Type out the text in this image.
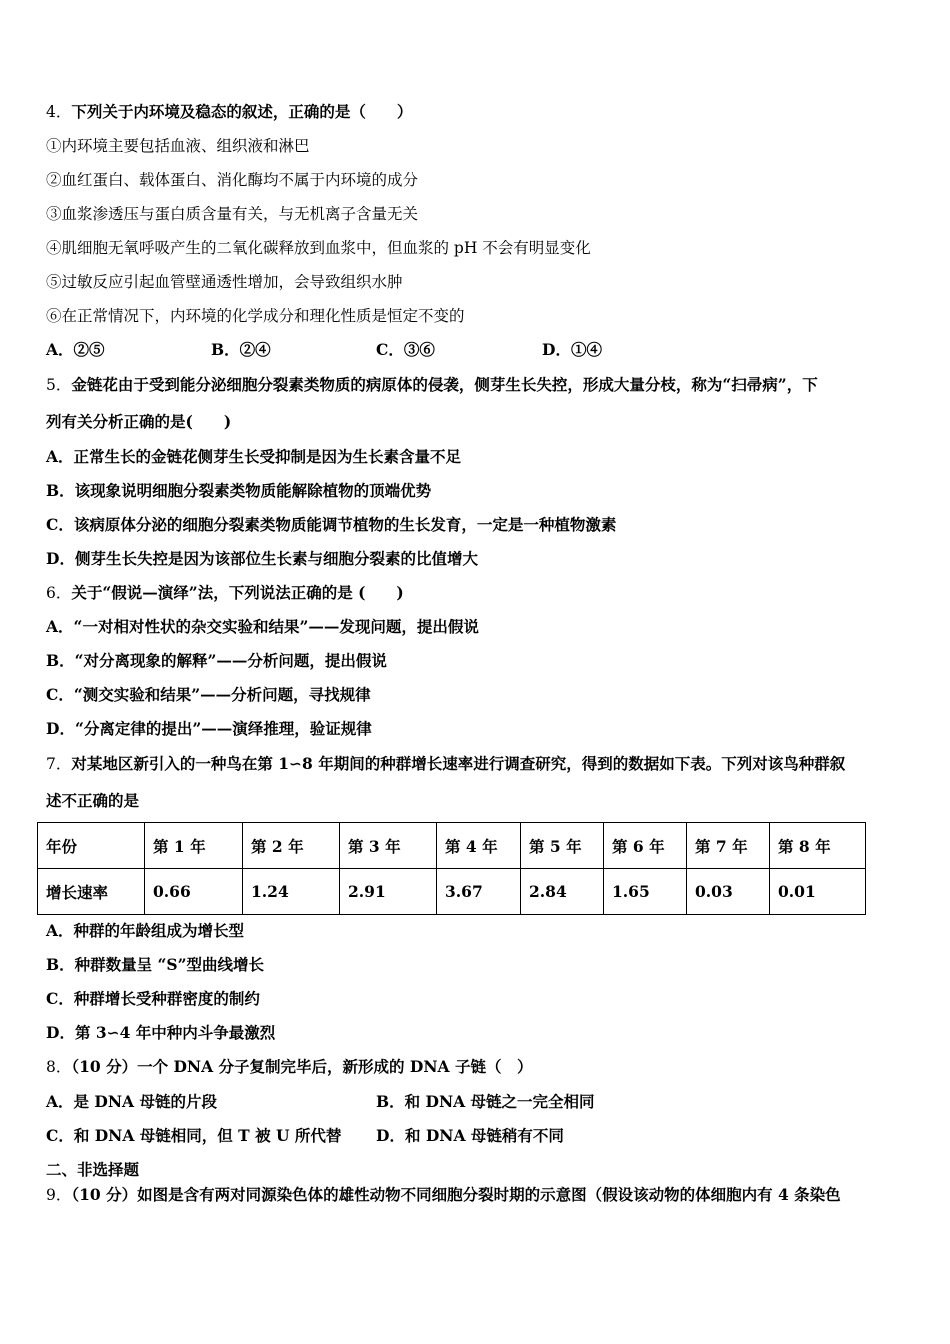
4．下列关于内环境及稳态的叙述，正确的是（　　）
①内环境主要包括血液、组织液和淋巴
②血红蛋白、载体蛋白、消化酶均不属于内环境的成分
③血浆渗透压与蛋白质含量有关，与无机离子含量无关
④肌细胞无氧呼吸产生的二氧化碳释放到血浆中，但血浆的 pH 不会有明显变化
⑤过敏反应引起血管壁通透性增加，会导致组织水肿
⑥在正常情况下，内环境的化学成分和理化性质是恒定不变的
A．②⑤	B．②④	C．③⑥	D．①④
5．金链花由于受到能分泌细胞分裂素类物质的病原体的侵袭，侧芽生长失控，形成大量分枝，称为“扫帚病”，下
列有关分析正确的是(　　)
A．正常生长的金链花侧芽生长受抑制是因为生长素含量不足
B．该现象说明细胞分裂素类物质能解除植物的顶端优势
C．该病原体分泌的细胞分裂素类物质能调节植物的生长发育，一定是一种植物激素
D．侧芽生长失控是因为该部位生长素与细胞分裂素的比值增大
6．关于“假说—演绎”法，下列说法正确的是 (　　)
A．“一对相对性状的杂交实验和结果”——发现问题，提出假说
B．“对分离现象的解释”——分析问题，提出假说
C．“测交实验和结果”——分析问题，寻找规律
D．“分离定律的提出”——演绎推理，验证规律
7．对某地区新引入的一种鸟在第 1∽8 年期间的种群增长速率进行调查研究，得到的数据如下表。下列对该鸟种群叙
述不正确的是
年份	第 1 年	第 2 年	第 3 年	第 4 年	第 5 年	第 6 年	第 7 年	第 8 年
增长速率	0.66	1.24	2.91	3.67	2.84	1.65	0.03	0.01
A．种群的年龄组成为增长型
B．种群数量呈 “S”型曲线增长
C．种群增长受种群密度的制约
D．第 3∽4 年中种内斗争最激烈
8．（10 分）一个 DNA 分子复制完毕后，新形成的 DNA 子链（　）
A．是 DNA 母链的片段	B．和 DNA 母链之一完全相同
C．和 DNA 母链相同，但 T 被 U 所代替 D．和 DNA 母链稍有不同
二、非选择题
9．（10 分）如图是含有两对同源染色体的雄性动物不同细胞分裂时期的示意图（假设该动物的体细胞内有 4 条染色
